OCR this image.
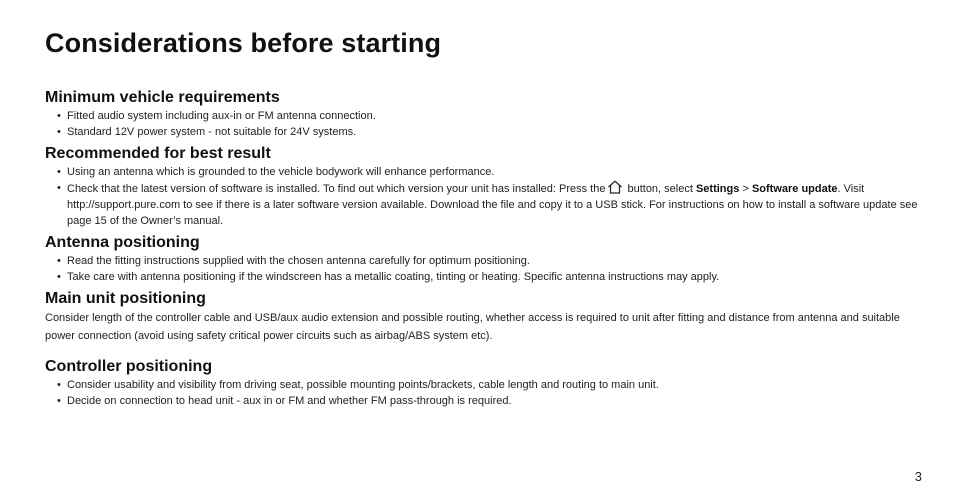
Considerations before starting
Minimum vehicle requirements
• Fitted audio system including aux-in or FM antenna connection.
• Standard 12V power system - not suitable for 24V systems.
Recommended for best result
• Using an antenna which is grounded to the vehicle bodywork will enhance performance.
• Check that the latest version of software is installed. To find out which version your unit has installed: Press the button, select Settings > Software update. Visit http://support.pure.com to see if there is a later software version available. Download the file and copy it to a USB stick. For instructions on how to install a software update see page 15 of the Owner’s manual.
Antenna positioning
• Read the fitting instructions supplied with the chosen antenna carefully for optimum positioning.
• Take care with antenna positioning if the windscreen has a metallic coating, tinting or heating. Specific antenna instructions may apply.
Main unit positioning

Consider length of the controller cable and USB/aux audio extension and possible routing, whether access is required to unit after fitting and distance from antenna and suitable power connection (avoid using safety critical power circuits such as airbag/ABS system etc).

Controller positioning
• Consider usability and visibility from driving seat, possible mounting points/brackets, cable length and routing to main unit.
• Decide on connection to head unit - aux in or FM and whether FM pass-through is required.
3
